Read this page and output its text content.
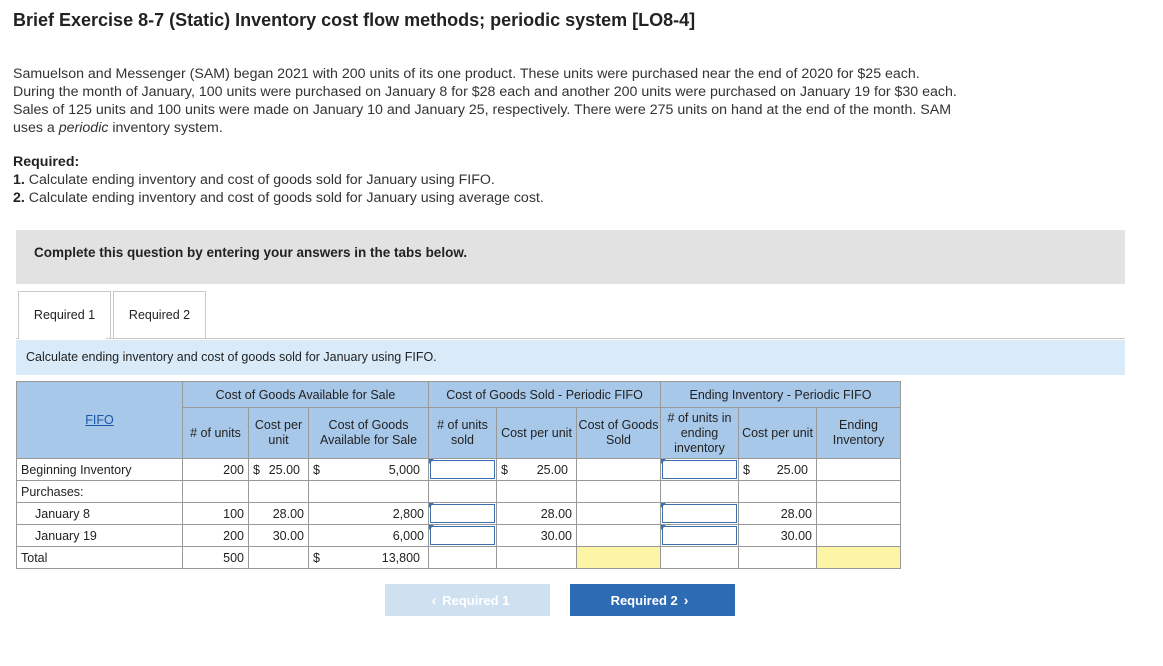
Brief Exercise 8-7 (Static) Inventory cost flow methods; periodic system [LO8-4]
Samuelson and Messenger (SAM) began 2021 with 200 units of its one product. These units were purchased near the end of 2020 for $25 each. During the month of January, 100 units were purchased on January 8 for $28 each and another 200 units were purchased on January 19 for $30 each. Sales of 125 units and 100 units were made on January 10 and January 25, respectively. There were 275 units on hand at the end of the month. SAM uses a periodic inventory system.
Required:
1. Calculate ending inventory and cost of goods sold for January using FIFO.
2. Calculate ending inventory and cost of goods sold for January using average cost.
Complete this question by entering your answers in the tabs below.
Required 1	Required 2
Calculate ending inventory and cost of goods sold for January using FIFO.
FIFO	Cost of Goods Available for Sale			Cost of Goods Sold - Periodic FIFO			Ending Inventory - Periodic FIFO		
	# of units	Cost per unit	Cost of Goods Available for Sale	# of units sold	Cost per unit	Cost of Goods Sold	# of units in ending inventory	Cost per unit	Ending Inventory
Beginning Inventory	200	$ 25.00	$ 5,000		$ 25.00			$ 25.00	

Purchases:									
January 8	100	28.00	2,800		28.00			28.00	
January 19	200	30.00	6,000		30.00			30.00	
Total	500		$ 13,800						

‹ Required 1	Required 2 ›
